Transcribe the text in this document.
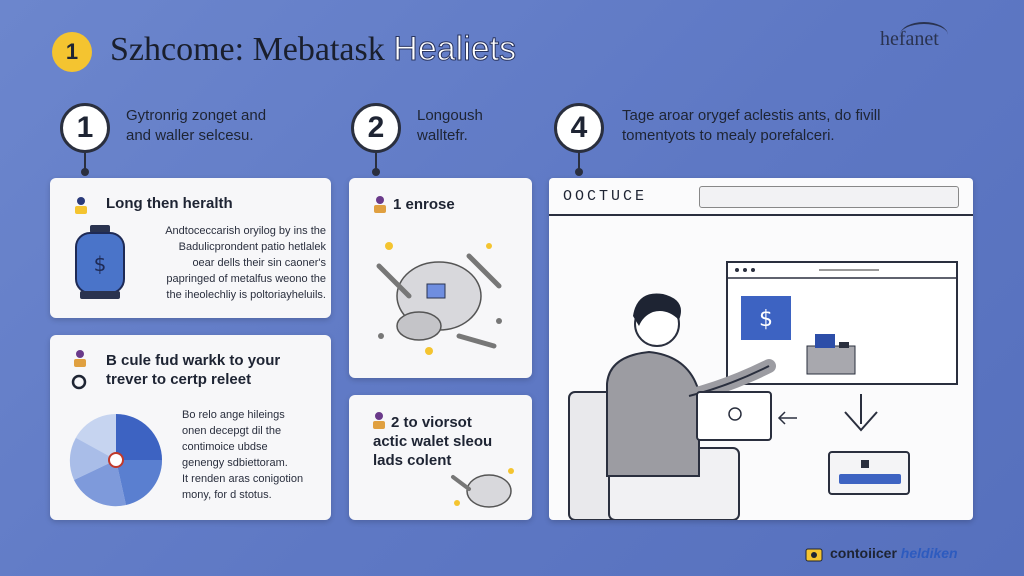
1 Szhcome: Mebatask Healiets	hefanet
1	Gytronrig zonget and
and waller selcesu.	2	Longoush
walltefr.	4	Tage aroar orygef aclestis ants, do fivill
tomentyots to mealy porefalceri.
Long then heralth
$
Andtoceccarish oryilog by ins the
Badulicprondent patio hetlalek
oear dells their sin caoner's
papringed of metalfus weono the
the iheolechliy is poltoriayheluils.
B cule fud warkk to your
trever to certp releet
Bo relo ange hileings
onen decepgt dil the
contimoice ubdse
genengy sdbiettoram.
It renden aras conigotion
mony, for d stotus.
1 enrose
2 to viorsot
actic walet sleou
lads colent
OOCTUCE
$
contoiicer heldiken
